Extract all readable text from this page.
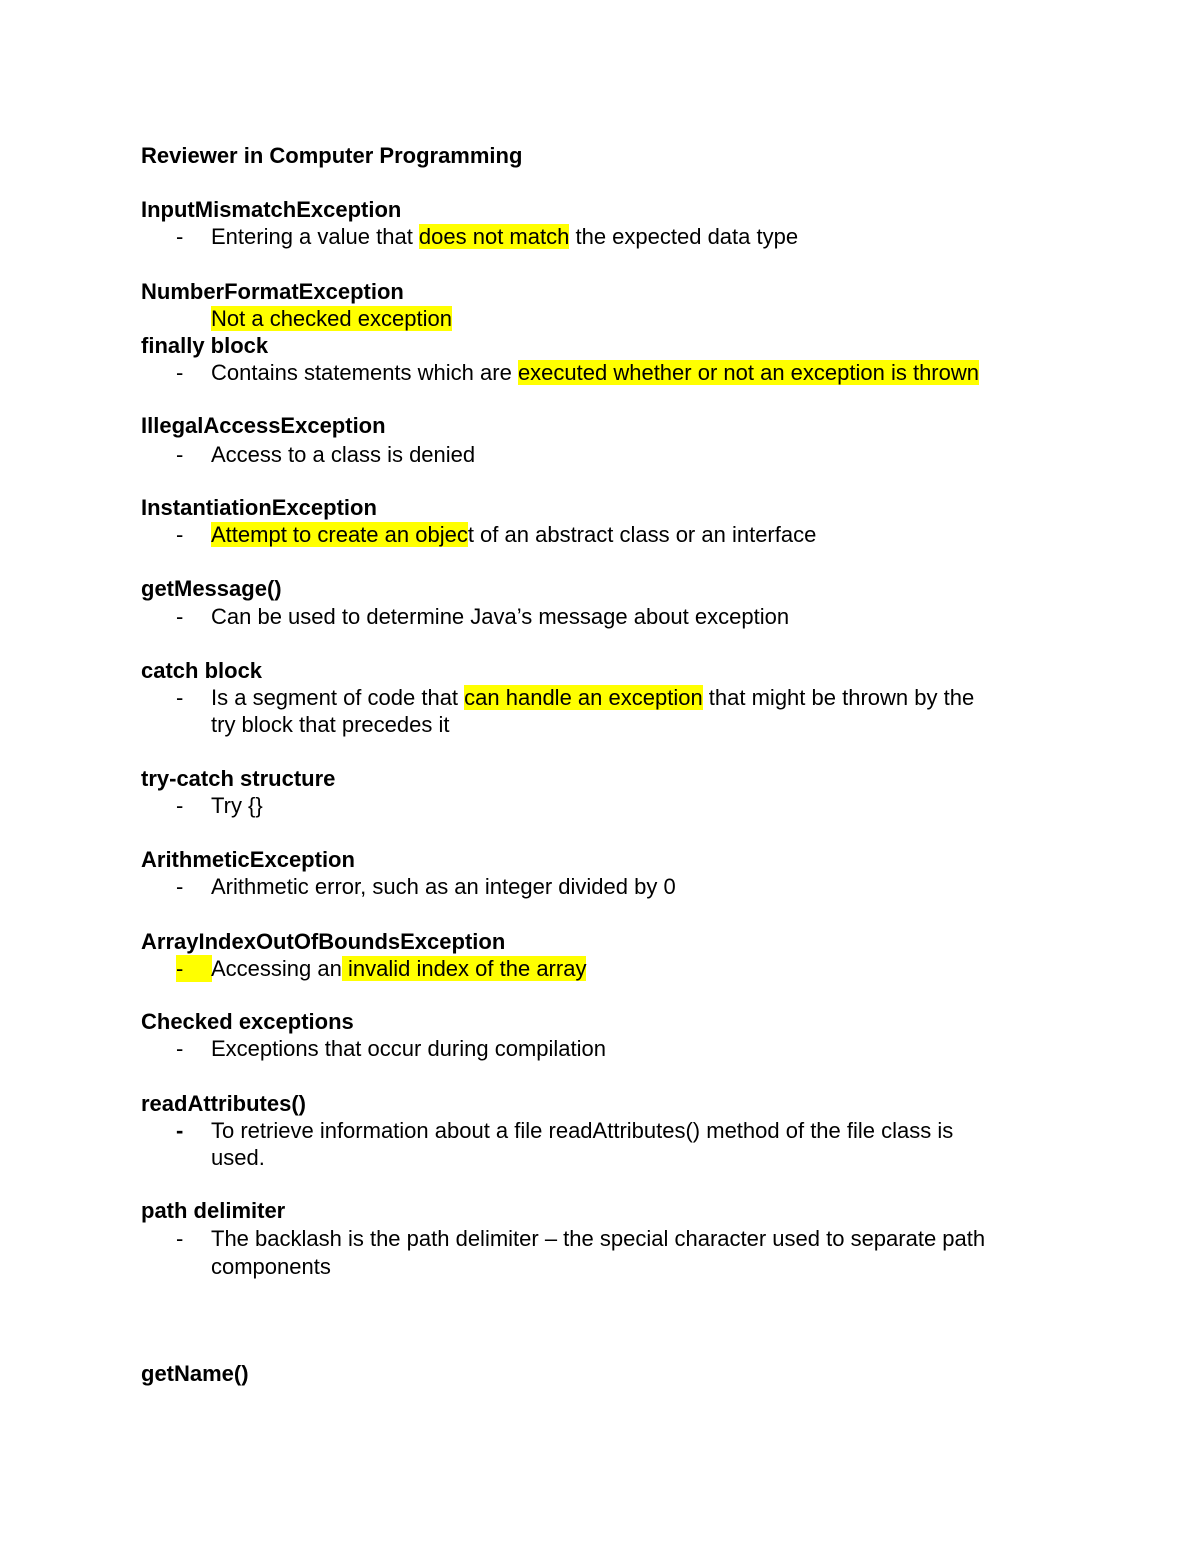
Reviewer in Computer Programming
InputMismatchException
-	Entering a value that does not match the expected data type
NumberFormatException
Not a checked exception
finally block
-	Contains statements which are executed whether or not an exception is thrown
IllegalAccessException
-	Access to a class is denied
InstantiationException
-	Attempt to create an object of an abstract class or an interface
getMessage()
-	Can be used to determine Java’s message about exception
catch block
-	Is a segment of code that can handle an exception that might be thrown by the
try block that precedes it
try-catch structure
-	Try {}
ArithmeticException
-	Arithmetic error, such as an integer divided by 0
ArrayIndexOutOfBoundsException
-	Accessing an invalid index of the array
Checked exceptions
-	Exceptions that occur during compilation
readAttributes()
-	To retrieve information about a file readAttributes() method of the file class is
used.
path delimiter
-	The backlash is the path delimiter – the special character used to separate path
components
getName()
